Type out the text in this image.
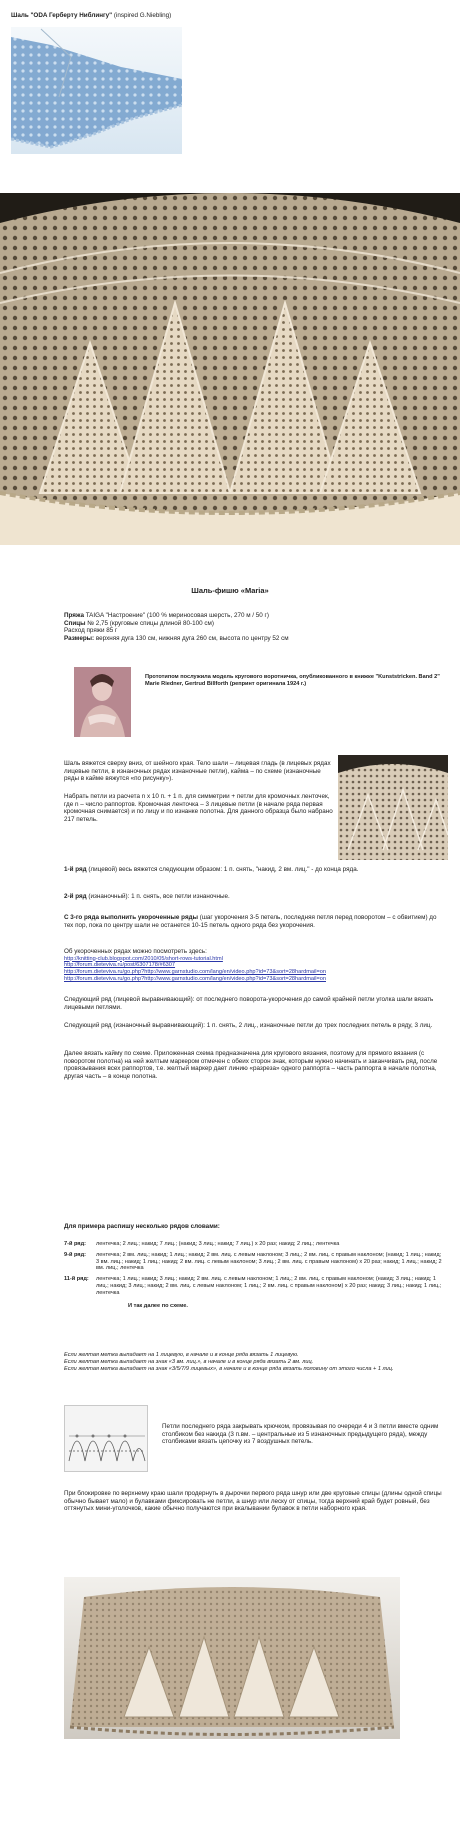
Шаль "ODA Герберту Ниблингу" (inspired G.Niebling)
Шаль-фишю «Maria»
Пряжа TAIGA "Настроение" (100 % мериносовая шерсть, 270 м / 50 г)
Спицы № 2,75 (круговые спицы длиной 80-100 см)
Расход пряжи 85 г
Размеры: верхняя дуга 130 см, нижняя дуга 260 см, высота по центру 52 см
Прототипом послужила модель кругового воротничка, опубликованного в книжке "Kunststricken. Band 2" Marie Riedner, Gertrud Billforth (репринт оригинала 1924 г.)
Шаль вяжется сверху вниз, от шейного края. Тело шали – лицевая гладь (в лицевых рядах лицевые петли, в изнаночных рядах изнаночные петли), кайма – по схеме (изнаночные ряды в кайме вяжутся «по рисунку»).
Набрать петли из расчета n x 10 п. + 1 п. для симметрии + петли для кромочных ленточек, где n – число раппортов. Кромочная ленточка – 3 лицевые петли (в начале ряда первая кромочная снимается) и по лицу и по изнанке полотна. Для данного образца было набрано 217 петель.
1-й ряд (лицевой) весь вяжется следующим образом: 1 п. снять, "накид, 2 вм. лиц." - до конца ряда.
2-й ряд (изнаночный): 1 п. снять, все петли изнаночные.
С 3-го ряда выполнить укороченные ряды (шаг укорочения 3-5 петель, последняя петля перед поворотом – с обвитием) до тех пор, пока по центру шали не останется 10-15 петель одного ряда без укорочения.
Об укороченных рядах можно посмотреть здесь:
http://knitting-club.blogspot.com/2010/05/short-rows-tutorial.html
http://forum.dieteviva.ru/post/6307178/#6307
http://forum.dieteviva.ru/go.php?http://www.garnstudio.com/lang/en/video.php?id=73&sort=28hardmail=on
http://forum.dieteviva.ru/go.php?http://www.garnstudio.com/lang/en/video.php?id=73&sort=28hardmail=on
Следующий ряд (лицевой выравнивающий): от последнего поворота-укорочения до самой крайней петли уголка шали вязать лицевыми петлями.
Следующий ряд (изнаночный выравнивающий): 1 п. снять, 2 лиц., изнаночные петли до трех последних петель в ряду, 3 лиц.
Далее вязать кайму по схеме. Приложенная схема предназначена для кругового вязания, поэтому для прямого вязания (с поворотом полотна) на ней желтым маркером отмечен с обеих сторон знак, которым нужно начинать и заканчивать ряд, после провязывания всех раппортов, т.е. желтый маркер дает линию «разреза» одного раппорта – часть раппорта в начале полотна, другая часть – в конце полотна.
Для примера распишу несколько рядов словами:
7-й ряд:	лентечка; 2 лиц.; накид; 7 лиц.; (накид; 3 лиц.; накид; 7 лиц.) x 20 раз; накид; 2 лиц.; лентечка
9-й ряд:	лентечка; 2 вм. лиц.; накид; 1 лиц.; накид; 2 вм. лиц. с левым наклоном; 3 лиц.; 2 вм. лиц. с правым наклоном; (накид; 1 лиц.; накид; 3 вм. лиц.; накид; 1 лиц.; накид; 2 вм. лиц. с левым наклоном; 3 лиц.; 2 вм. лиц. с правым наклоном) x 20 раз; накид; 1 лиц.; накид; 2 вм. лиц.; лентечка
11-й ряд: лентечка; 1 лиц.; накид; 3 лиц.; накид; 2 вм. лиц. с левым наклоном; 1 лиц.; 2 вм. лиц. с правым наклоном; (накид; 3 лиц.; накид; 1 лиц.; накид; 3 лиц.; накид; 2 вм. лиц. с левым наклоном; 1 лиц.; 2 вм. лиц. с правым наклоном) x 20 раз; накид; 3 лиц.; накид; 1 лиц.; лентечка
И так далее по схеме.
Если желтая метка выпадает на 1 лицевую, в начале и в конце ряда вязать 1 лицевую.
Если желтая метка выпадает на знак «3 вм. лиц.», в начале и в конце ряда вязать 2 вм. лиц.
Если желтая метка выпадает на знак «3/5/7/9 лицевых», в начале и в конце ряда вязать половину от этого числа + 1 лиц.
Петли последнего ряда закрывать крючком, провязывая по очереди 4 и 3 петли вместе одним столбиком без накида (3 п.вм. – центральные из 5 изнаночных предыдущего ряда), между столбиками вязать цепочку из 7 воздушных петель.
При блокировке по верхнему краю шали продернуть в дырочки первого ряда шнур или две круговые спицы (длины одной спицы обычно бывает мало) и булавками фиксировать не петли, а шнур или леску от спицы, тогда верхний край будет ровный, без оттянутых мини-уголочков, какие обычно получаются при вкалывании булавок в петли наборного края.
